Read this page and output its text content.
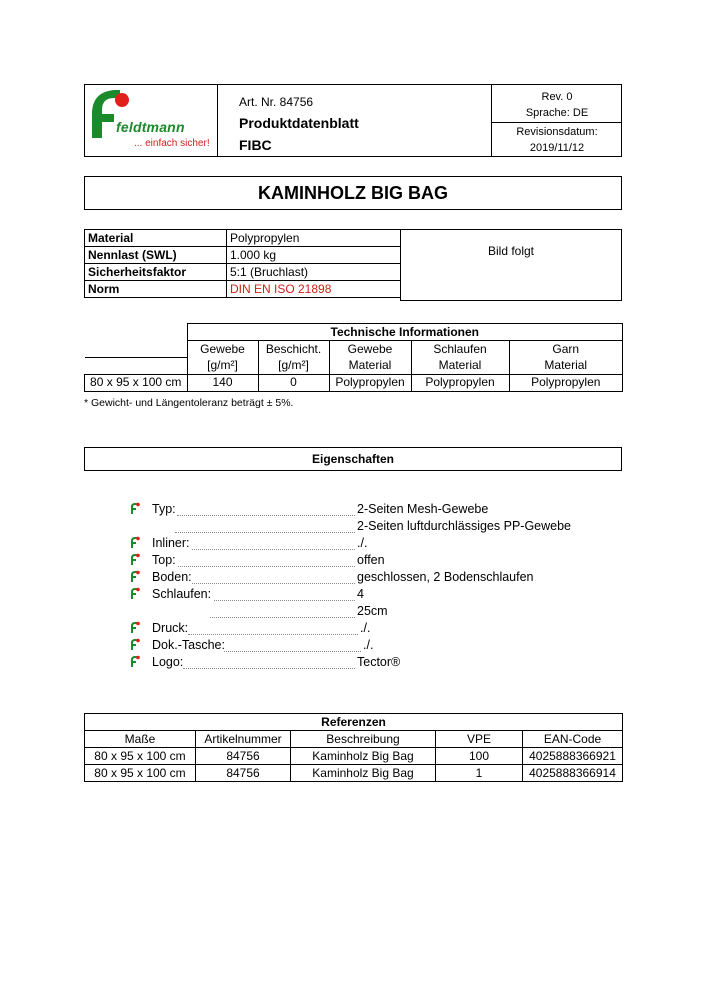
feldtmann
... einfach sicher!
Art. Nr. 84756
Produktdatenblatt
FIBC
Rev. 0
Sprache: DE
Revisionsdatum:
2019/11/12
KAMINHOLZ BIG BAG
Material	Polypropylen
Nennlast (SWL)	1.000 kg
Sicherheitsfaktor	5:1 (Bruchlast)
Norm	DIN EN ISO 21898
Bild folgt
	Technische Informationen				
	Gewebe	Beschicht.	Gewebe	Schlaufen	Garn
	[g/m²]	[g/m²]	Material	Material	Material
80 x 95 x 100 cm	140	0	Polypropylen	Polypropylen	Polypropylen
* Gewicht- und Längentoleranz beträgt ± 5%.
Eigenschaften
Typ:	2-Seiten Mesh-Gewebe
2-Seiten luftdurchlässiges PP-Gewebe
Inliner:	./.
Top:	offen
Boden:	geschlossen, 2 Bodenschlaufen
Schlaufen:	4
25cm
Druck:	./.
Dok.-Tasche:	./.
Logo:	Tector®
Referenzen				
Maße	Artikelnummer	Beschreibung	VPE	EAN-Code
80 x 95 x 100 cm	84756	Kaminholz Big Bag	100	4025888366921
80 x 95 x 100 cm	84756	Kaminholz Big Bag	1	4025888366914
